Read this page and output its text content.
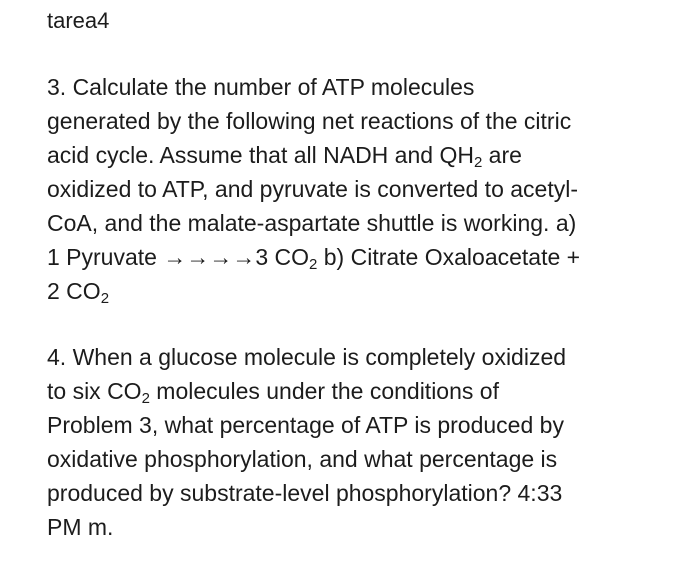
tarea4
3. Calculate the number of ATP molecules
generated by the following net reactions of the citric
acid cycle. Assume that all NADH and $QH_2$ are
oxidized to ATP, and pyruvate is converted to acetyl-
CoA, and the malate-aspartate shuttle is working. a)
1 Pyruvate →→→→3 $CO_2$ b) Citrate Oxaloacetate +
2 $CO_2$
4. When a glucose molecule is completely oxidized
to six $CO_2$ molecules under the conditions of
Problem 3, what percentage of ATP is produced by
oxidative phosphorylation, and what percentage is
produced by substrate-level phosphorylation? 4:33
PM m.
